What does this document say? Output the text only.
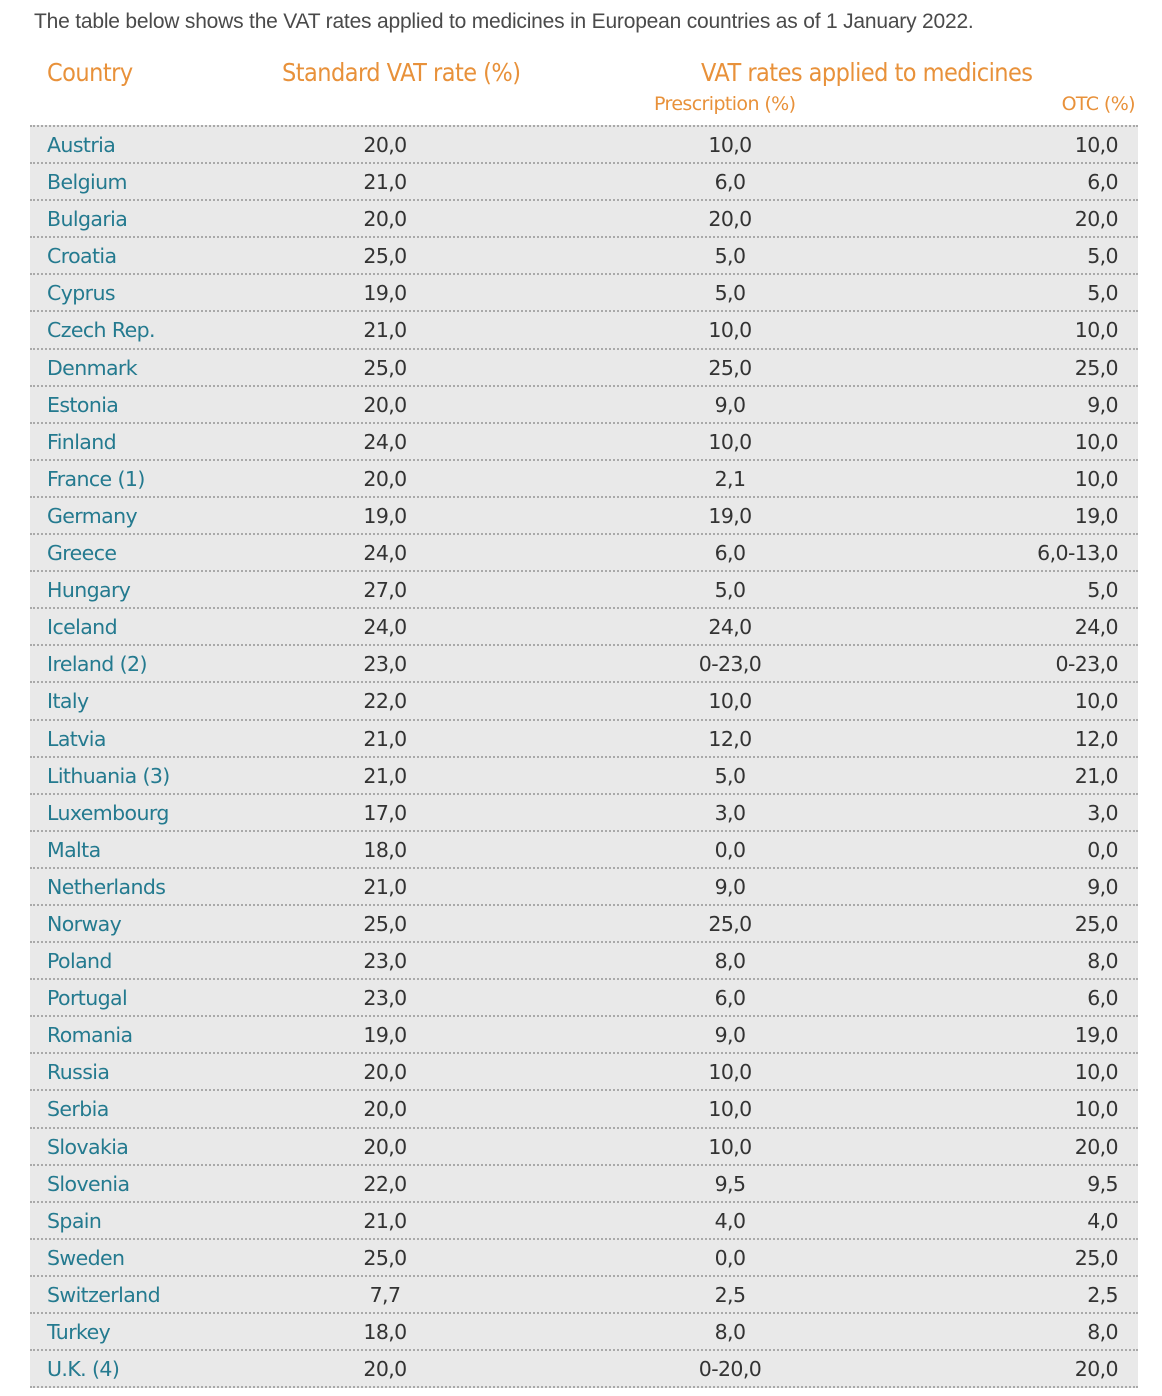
The table below shows the VAT rates applied to medicines in European countries as of 1 January 2022.
Country	Standard VAT rate (%)	VAT rates applied to medicines
Prescription (%)	OTC (%)
Austria	20,0	10,0	10,0
Belgium	21,0	6,0	6,0
Bulgaria	20,0	20,0	20,0
Croatia	25,0	5,0	5,0
Cyprus	19,0	5,0	5,0
Czech Rep.	21,0	10,0	10,0
Denmark	25,0	25,0	25,0
Estonia	20,0	9,0	9,0
Finland	24,0	10,0	10,0
France (1)	20,0	2,1	10,0
Germany	19,0	19,0	19,0
Greece	24,0	6,0	6,0-13,0
Hungary	27,0	5,0	5,0
Iceland	24,0	24,0	24,0
Ireland (2)	23,0	0-23,0	0-23,0
Italy	22,0	10,0	10,0
Latvia	21,0	12,0	12,0
Lithuania (3)	21,0	5,0	21,0
Luxembourg	17,0	3,0	3,0
Malta	18,0	0,0	0,0
Netherlands	21,0	9,0	9,0
Norway	25,0	25,0	25,0
Poland	23,0	8,0	8,0
Portugal	23,0	6,0	6,0
Romania	19,0	9,0	19,0
Russia	20,0	10,0	10,0
Serbia	20,0	10,0	10,0
Slovakia	20,0	10,0	20,0
Slovenia	22,0	9,5	9,5
Spain	21,0	4,0	4,0
Sweden	25,0	0,0	25,0
Switzerland	7,7	2,5	2,5
Turkey	18,0	8,0	8,0
U.K. (4)	20,0	0-20,0	20,0
